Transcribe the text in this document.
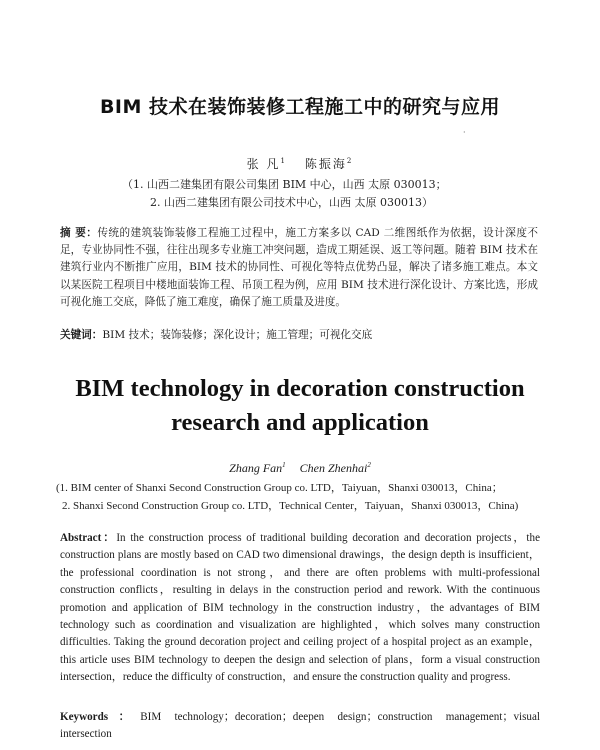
BIM 技术在装饰装修工程施工中的研究与应用
·
张 凡$^1$ 陈振海$^2$
（1. 山西二建集团有限公司集团 BIM 中心，山西 太原 030013；
2. 山西二建集团有限公司技术中心，山西 太原 030013）
摘 要：传统的建筑装饰装修工程施工过程中，施工方案多以 CAD 二维图纸作为依据，设计深度不足，专业协同性不强，往往出现多专业施工冲突问题，造成工期延误、返工等问题。随着 BIM 技术在建筑行业内不断推广应用，BIM 技术的协同性、可视化等特点优势凸显，解决了诸多施工难点。本文以某医院工程项目中楼地面装饰工程、吊顶工程为例，应用 BIM 技术进行深化设计、方案比选，形成可视化施工交底，降低了施工难度，确保了施工质量及进度。
关键词：BIM 技术；装饰装修；深化设计；施工管理；可视化交底
BIM technology in decoration construction
research and application
Zhang Fan$^1$ Chen Zhenhai$^2$
(1. BIM center of Shanxi Second Construction Group co. LTD，Taiyuan，Shanxi 030013，China；
2. Shanxi Second Construction Group co. LTD，Technical Center，Taiyuan，Shanxi 030013，China)
Abstract：In the construction process of traditional building decoration and decoration projects，the construction plans are mostly based on CAD two dimensional drawings，the design depth is insufficient，the professional coordination is not strong，and there are often problems with multi-professional construction conflicts，resulting in delays in the construction period and rework. With the continuous promotion and application of BIM technology in the construction industry，the advantages of BIM technology such as coordination and visualization are highlighted，which solves many construction difficulties. Taking the ground decoration project and ceiling project of a hospital project as an example，this article uses BIM technology to deepen the design and selection of plans，form a visual construction intersection，reduce the difficulty of construction，and ensure the construction quality and progress.
Keywords：BIM technology；decoration；deepen design；construction management；visual intersection
